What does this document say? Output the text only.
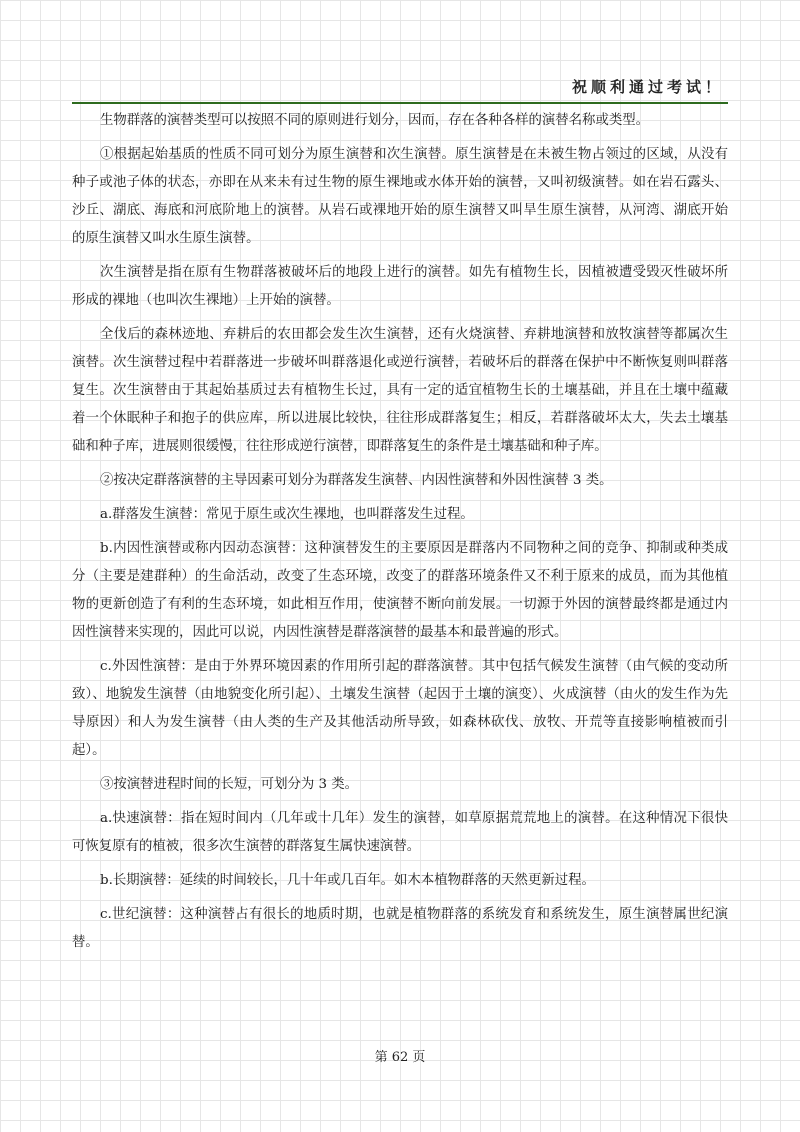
祝顺利通过考试！

生物群落的演替类型可以按照不同的原则进行划分，因而，存在各种各样的演替名称或类型。

①根据起始基质的性质不同可划分为原生演替和次生演替。原生演替是在未被生物占领过的区域，从没有种子或池子体的状态，亦即在从来未有过生物的原生裸地或水体开始的演替，又叫初级演替。如在岩石露头、沙丘、湖底、海底和河底阶地上的演替。从岩石或裸地开始的原生演替又叫旱生原生演替，从河湾、湖底开始的原生演替又叫水生原生演替。

次生演替是指在原有生物群落被破坏后的地段上进行的演替。如先有植物生长，因植被遭受毁灭性破坏所形成的裸地（也叫次生裸地）上开始的演替。

全伐后的森林迹地、弃耕后的农田都会发生次生演替，还有火烧演替、弃耕地演替和放牧演替等都属次生演替。次生演替过程中若群落进一步破坏叫群落退化或逆行演替，若破坏后的群落在保护中不断恢复则叫群落复生。次生演替由于其起始基质过去有植物生长过，具有一定的适宜植物生长的土壤基础，并且在土壤中蕴藏着一个休眠种子和抱子的供应库，所以进展比较快，往往形成群落复生；相反，若群落破坏太大，失去土壤基础和种子库，进展则很缓慢，往往形成逆行演替，即群落复生的条件是土壤基础和种子库。

②按决定群落演替的主导因素可划分为群落发生演替、内因性演替和外因性演替 3 类。

a.群落发生演替：常见于原生或次生裸地，也叫群落发生过程。

b.内因性演替或称内因动态演替：这种演替发生的主要原因是群落内不同物种之间的竞争、抑制或种类成分（主要是建群种）的生命活动，改变了生态环境，改变了的群落环境条件又不利于原来的成员，而为其他植物的更新创造了有利的生态环境，如此相互作用，使演替不断向前发展。一切源于外因的演替最终都是通过内因性演替来实现的，因此可以说，内因性演替是群落演替的最基本和最普遍的形式。

c.外因性演替：是由于外界环境因素的作用所引起的群落演替。其中包括气候发生演替（由气候的变动所致）、地貌发生演替（由地貌变化所引起）、土壤发生演替（起因于土壤的演变）、火成演替（由火的发生作为先导原因）和人为发生演替（由人类的生产及其他活动所导致，如森林砍伐、放牧、开荒等直接影响植被而引起）。

③按演替进程时间的长短，可划分为 3 类。

a.快速演替：指在短时间内（几年或十几年）发生的演替，如草原据荒荒地上的演替。在这种情况下很快可恢复原有的植被，很多次生演替的群落复生属快速演替。

b.长期演替：延续的时间较长，几十年或几百年。如木本植物群落的天然更新过程。

c.世纪演替：这种演替占有很长的地质时期，也就是植物群落的系统发育和系统发生，原生演替属世纪演替。

第 62 页
